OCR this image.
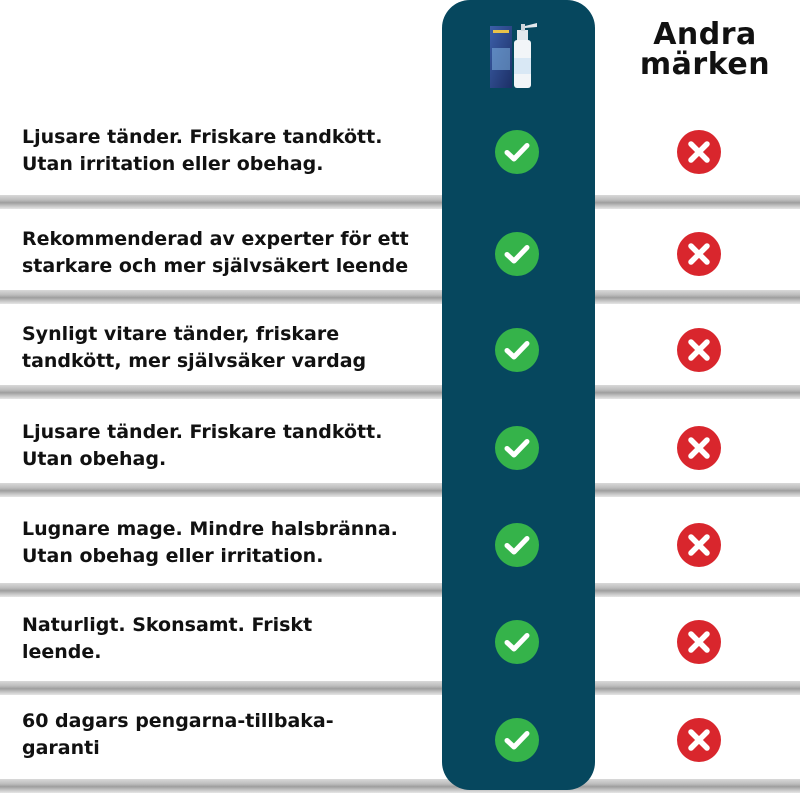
Andra
märken
Ljusare tänder. Friskare tandkött.
Utan irritation eller obehag.
Rekommenderad av experter för ett
starkare och mer självsäkert leende
Synligt vitare tänder, friskare
tandkött, mer självsäker vardag
Ljusare tänder. Friskare tandkött.
Utan obehag.
Lugnare mage. Mindre halsbränna.
Utan obehag eller irritation.
Naturligt. Skonsamt. Friskt
leende.
60 dagars pengarna-tillbaka-
garanti
